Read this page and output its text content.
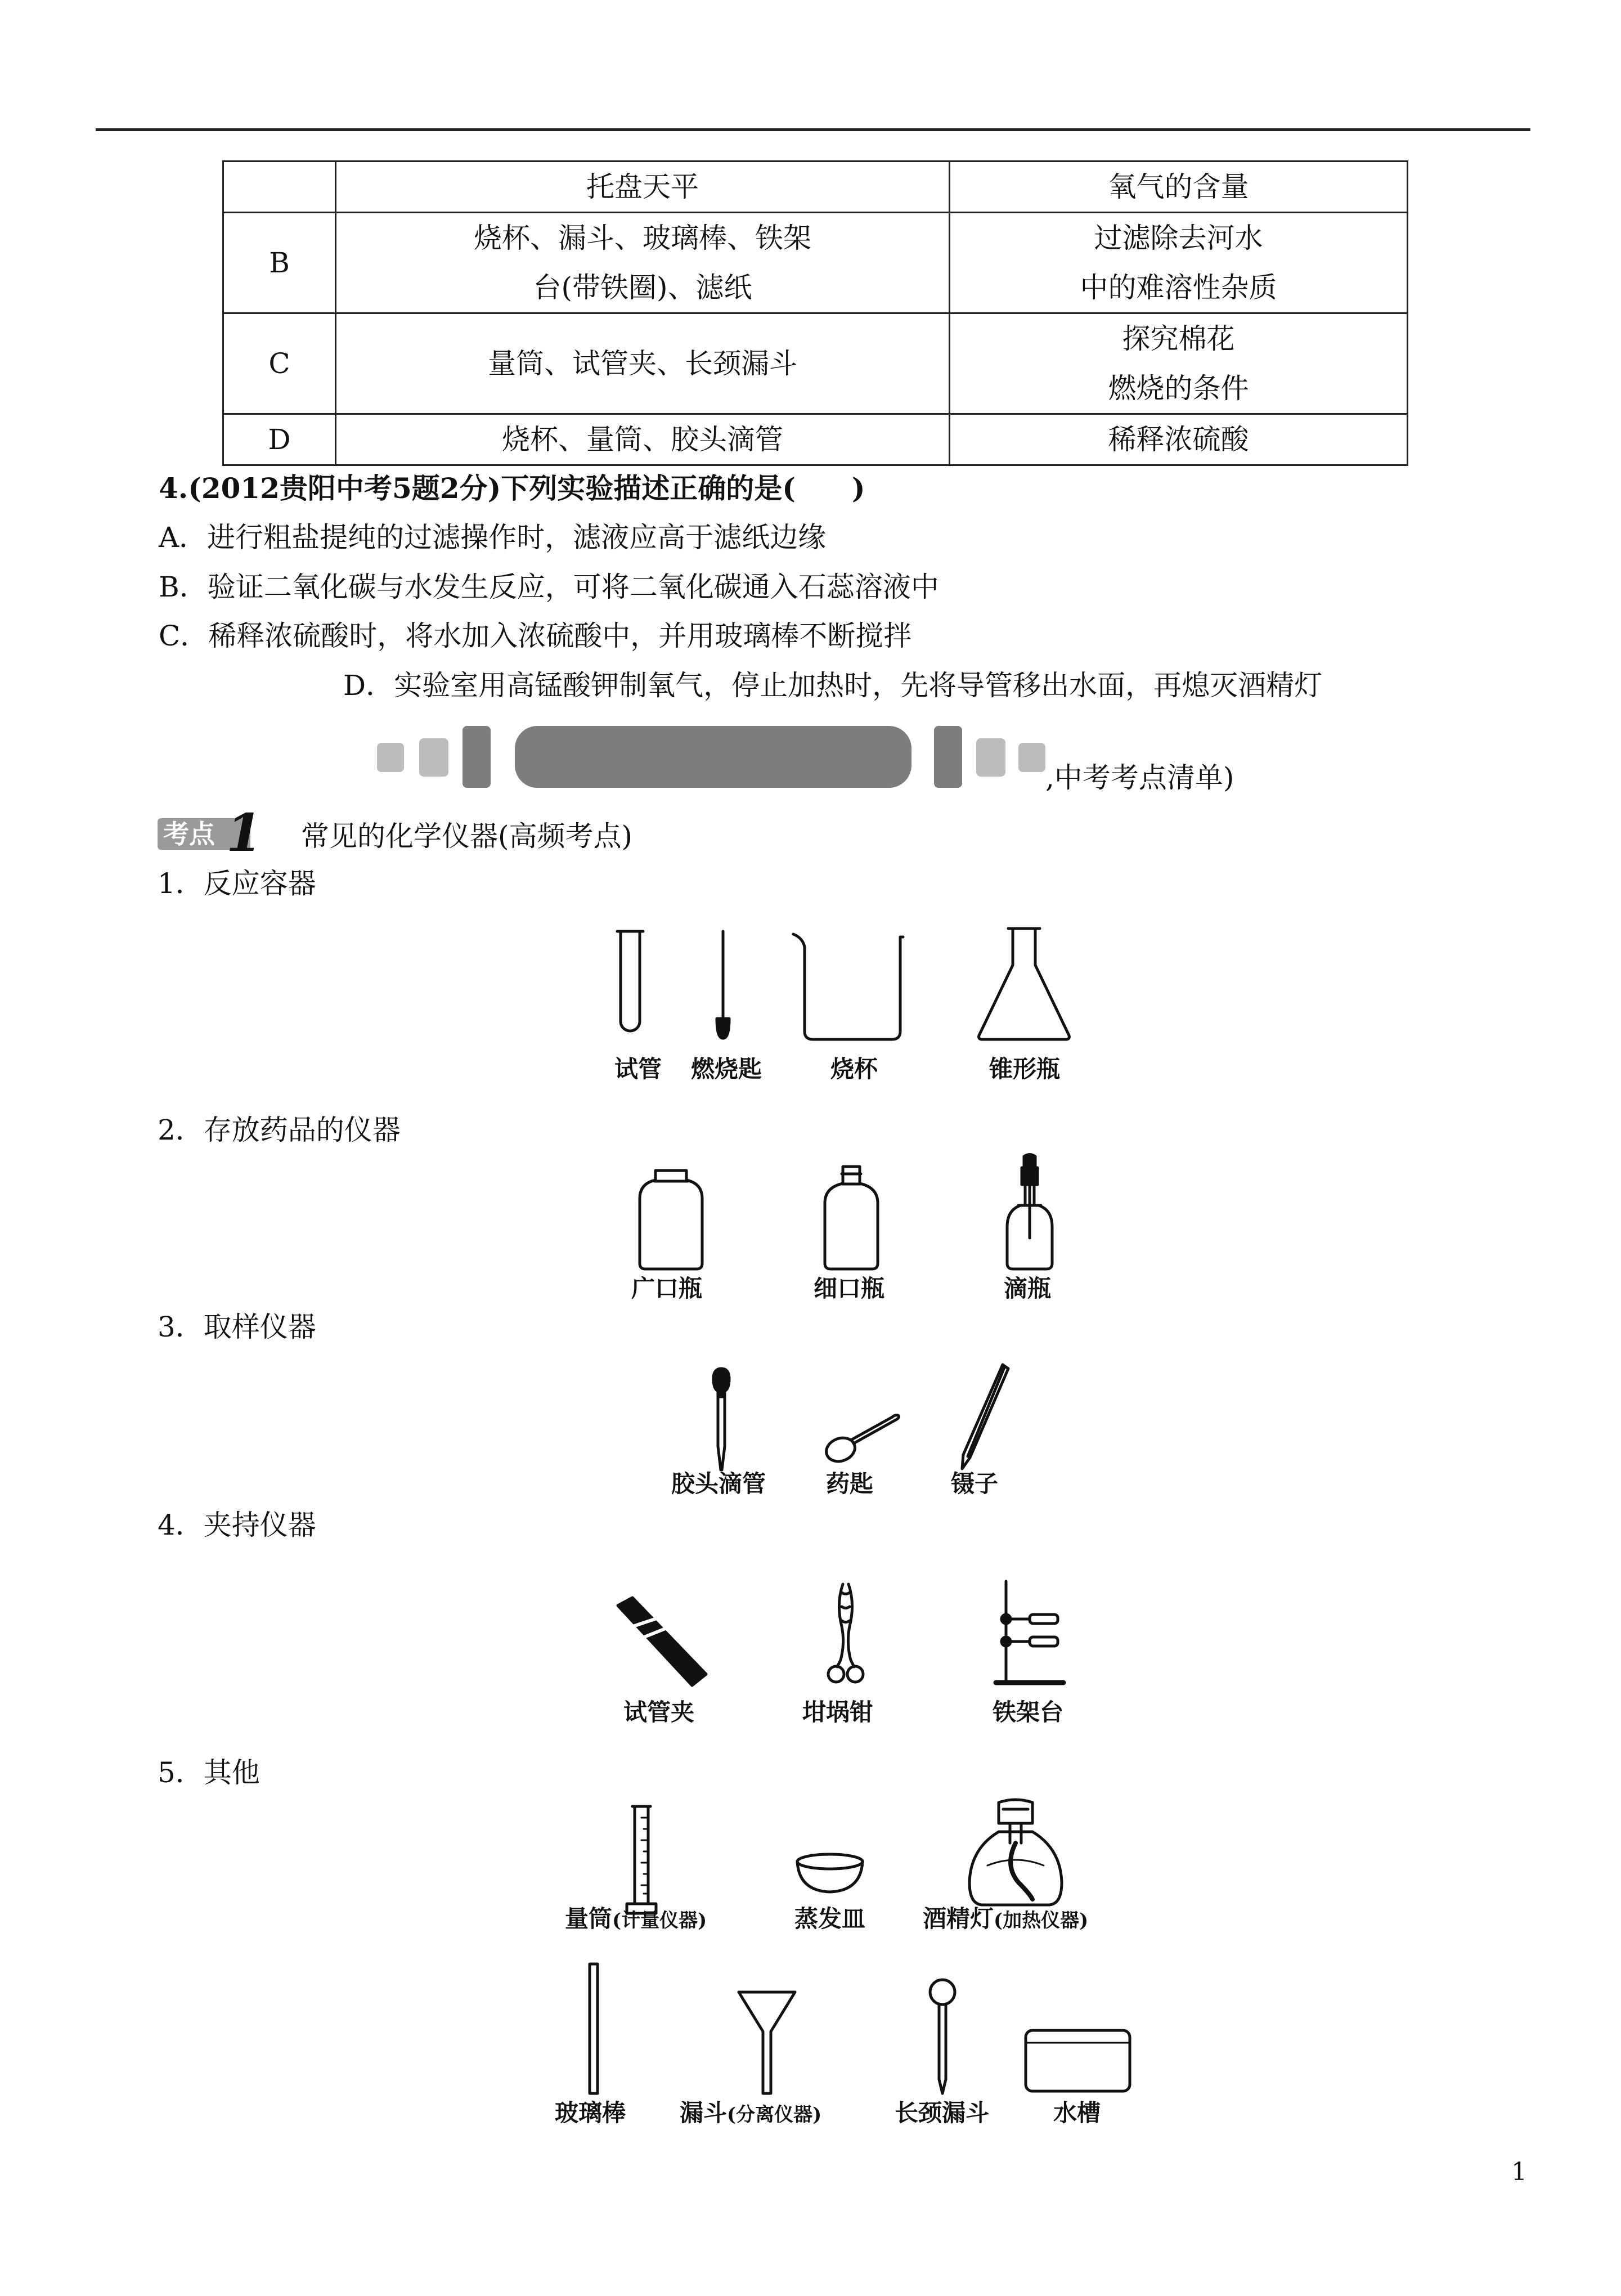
	托盘天平	氧气的含量

B	烧杯、漏斗、玻璃棒、铁架
台(带铁圈)、滤纸	过滤除去河水
中的难溶性杂质

C	量筒、试管夹、长颈漏斗	探究棉花
燃烧的条件

D	烧杯、量筒、胶头滴管	稀释浓硫酸
4.(2012贵阳中考5题2分)下列实验描述正确的是(　　)
A．进行粗盐提纯的过滤操作时，滤液应高于滤纸边缘
B．验证二氧化碳与水发生反应，可将二氧化碳通入石蕊溶液中
C．稀释浓硫酸时，将水加入浓硫酸中，并用玻璃棒不断搅拌
D．实验室用高锰酸钾制氧气，停止加热时，先将导管移出水面，再熄灭酒精灯
,中考考点清单)
考点 1 常见的化学仪器(高频考点)
1．反应容器
试管 燃烧匙	烧杯	锥形瓶
2．存放药品的仪器
广口瓶	细口瓶	滴瓶
3．取样仪器
胶头滴管	药匙	镊子
4．夹持仪器
试管夹	坩埚钳	铁架台
5．其他
量筒(计量仪器)	蒸发皿 酒精灯(加热仪器)
玻璃棒 漏斗(分离仪器)	长颈漏斗	水槽
1
